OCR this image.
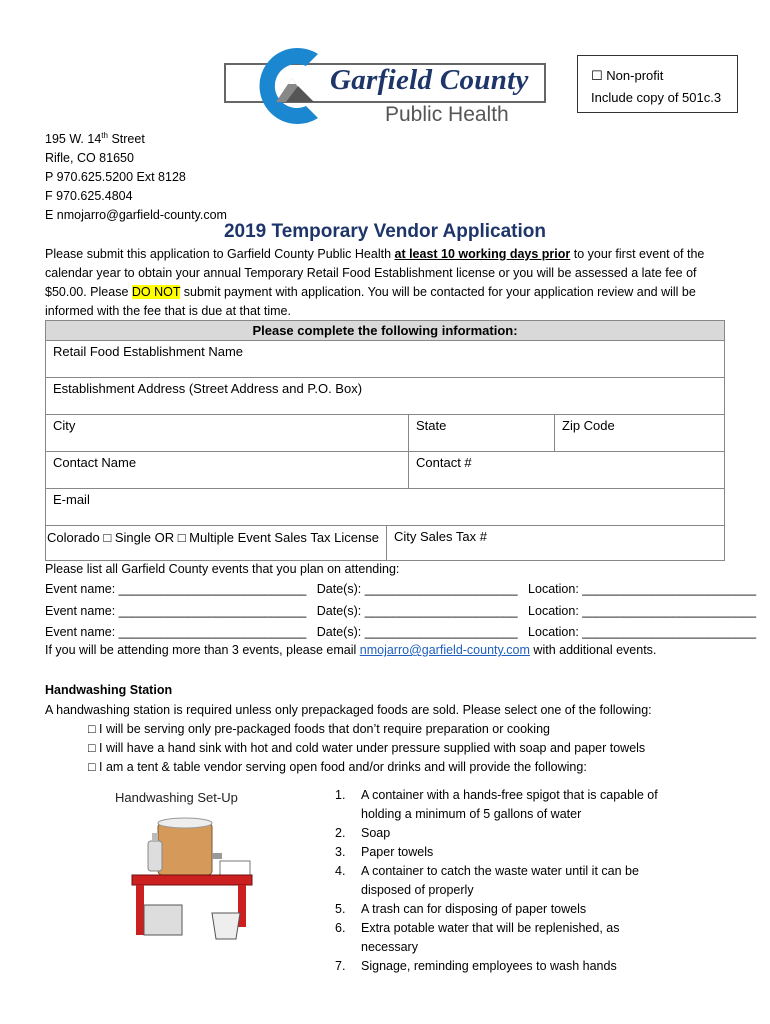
Garfield County
Public Health
☐ Non-profit
Include copy of 501c.3
195 W. 14th Street
Rifle, CO 81650
P 970.625.5200 Ext 8128
F 970.625.4804
E nmojarro@garfield-county.com
2019 Temporary Vendor Application
Please submit this application to Garfield County Public Health at least 10 working days prior to your first event of the calendar year to obtain your annual Temporary Retail Food Establishment license or you will be assessed a late fee of $50.00. Please DO NOT submit payment with application. You will be contacted for your application review and will be informed with the fee that is due at that time.
Please complete the following information:
Retail Food Establishment Name
Establishment Address (Street Address and P.O. Box)
City	State	Zip Code
Contact Name	Contact #
E-mail
Colorado □ Single OR □ Multiple Event Sales Tax License	City Sales Tax #
Please list all Garfield County events that you plan on attending:
Event name: ___________________________   Date(s): ______________________   Location: _________________________
Event name: ___________________________   Date(s): ______________________   Location: _________________________
Event name: ___________________________   Date(s): ______________________   Location: _________________________
If you will be attending more than 3 events, please email nmojarro@garfield-county.com with additional events.
Handwashing Station
A handwashing station is required unless only prepackaged foods are sold. Please select one of the following:
□ I will be serving only pre-packaged foods that don’t require preparation or cooking
□ I will have a hand sink with hot and cold water under pressure supplied with soap and paper towels
□ I am a tent & table vendor serving open food and/or drinks and will provide the following:
Handwashing Set-Up	1. A container with a hands-free spigot that is capable of holding a minimum of 5 gallons of water
2. Soap
3. Paper towels
4. A container to catch the waste water until it can be disposed of properly
5. A trash can for disposing of paper towels
6. Extra potable water that will be replenished, as necessary
7. Signage, reminding employees to wash hands
